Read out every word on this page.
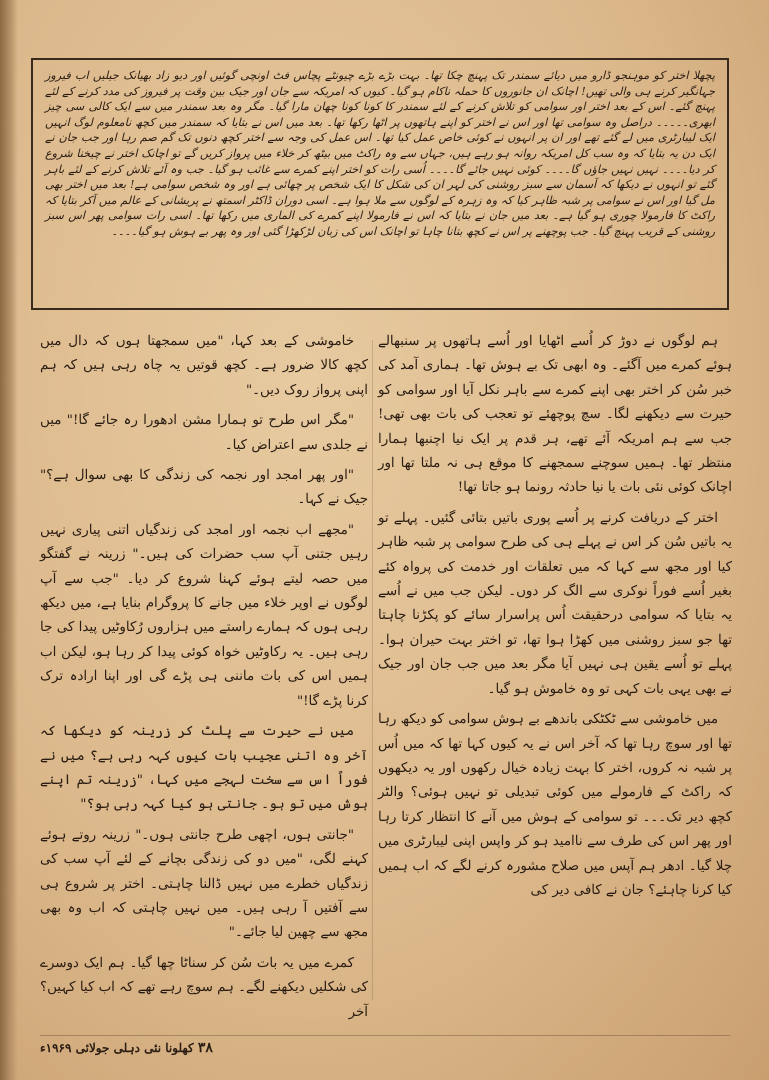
پچھلا اختر کو موہنجو ڈارو میں دیائے سمندر تک پہنچ چکا تھا۔ بہت بڑے بڑے چیونٹے پچاس فٹ اونچی گوئیں اور دیو زاد بھیانک جیلیں اب فیروز جہانگیر کرنے ہی والی تھیں! اچانک ان جانوروں کا حملہ ناکام ہو گیا۔ کیوں کہ امریکہ سے جان اور جیک بین وقت پر فیروز کی مدد کرنے کے لئے پہنچ گئے۔ اس کے بعد اختر اور سوامی کو تلاش کرنے کے لئے سمندر کا کونا کونا چھان مارا گیا۔ مگر وہ بعد سمندر میں سے ایک کالی سی چیز ابھری۔۔۔۔۔ دراصل وہ سوامی تھا اور اس نے اختر کو اپنے ہاتھوں پر اٹھا رکھا تھا۔ بعد میں اس نے بتایا کہ سمندر میں کچھ نامعلوم لوگ انہیں ایک لیبارٹری میں لے گئے تھے اور ان پر انہوں نے کوئی خاص عمل کیا تھا۔ اس عمل کی وجہ سے اختر کچھ دنوں تک گم صم رہا اور جب جان نے ایک دن یہ بتایا کہ وہ سب کل امریکہ روانہ ہو رہے ہیں، جہاں سے وہ راکٹ میں بیٹھ کر خلاء میں پرواز کریں گے تو اچانک اختر نے چیخنا شروع کر دیا۔۔۔۔ نہیں نہیں جاؤں گا۔۔۔۔ کوئی نہیں جائے گا۔۔۔۔ اُسی رات کو اختر اپنے کمرے سے غائب ہو گیا۔ جب وہ آئے تلاش کرنے کے لئے باہر گئے تو انہوں نے دیکھا کہ آسمان سے سبز روشنی کی لہر ان کی شکل کا ایک شخص پر چھائی ہے اور وہ شخص سوامی ہے! بعد میں اختر بھی مل گیا اور اس نے سوامی پر شبہ ظاہر کیا کہ وہ زہرہ کے لوگوں سے ملا ہوا ہے۔ اسی دوران ڈاکٹر اسمتھ نے پریشانی کے عالم میں آکر بتایا کہ راکٹ کا فارمولا چوری ہو گیا ہے۔ بعد میں جان نے بتایا کہ اس نے فارمولا اپنے کمرے کی الماری میں رکھا تھا۔ اسی رات سوامی پھر اس سبز روشنی کے قریب پہنچ گیا۔ جب پوچھنے پر اس نے کچھ بتانا چاہا تو اچانک اس کی زبان لڑکھڑا گئی اور وہ پھر بے ہوش ہو گیا۔۔۔۔

ہم لوگوں نے دوڑ کر اُسے اٹھایا اور اُسے ہاتھوں پر سنبھالے ہوئے کمرے میں آگئے۔ وہ ابھی تک بے ہوش تھا۔ ہماری آمد کی خبر سُن کر اختر بھی اپنے کمرے سے باہر نکل آیا اور سوامی کو حیرت سے دیکھنے لگا۔ سچ پوچھئے تو تعجب کی بات بھی تھی! جب سے ہم امریکہ آئے تھے، ہر قدم پر ایک نیا اچنبھا ہمارا منتظر تھا۔ ہمیں سوچنے سمجھنے کا موقع ہی نہ ملتا تھا اور اچانک کوئی نئی بات یا نیا حادثہ رونما ہو جاتا تھا!

اختر کے دریافت کرنے پر اُسے پوری باتیں بتائی گئیں۔ پہلے تو یہ باتیں سُن کر اس نے پہلے ہی کی طرح سوامی پر شبہ ظاہر کیا اور مجھ سے کہا کہ میں تعلقات اور خدمت کی پرواہ کئے بغیر اُسے فوراً نوکری سے الگ کر دوں۔ لیکن جب میں نے اُسے یہ بتایا کہ سوامی درحقیقت اُس پراسرار سائے کو پکڑنا چاہتا تھا جو سبز روشنی میں کھڑا ہوا تھا، تو اختر بہت حیران ہوا۔ پہلے تو اُسے یقین ہی نہیں آیا مگر بعد میں جب جان اور جیک نے بھی یہی بات کہی تو وہ خاموش ہو گیا۔

میں خاموشی سے ٹکٹکی باندھے بے ہوش سوامی کو دیکھ رہا تھا اور سوچ رہا تھا کہ آخر اس نے یہ کیوں کہا تھا کہ میں اُس پر شبہ نہ کروں، اختر کا بہت زیادہ خیال رکھوں اور یہ دیکھوں کہ راکٹ کے فارمولے میں کوئی تبدیلی تو نہیں ہوئی؟ والٹر کچھ دیر تک۔۔۔ تو سوامی کے ہوش میں آنے کا انتظار کرتا رہا اور پھر اس کی طرف سے ناامید ہو کر واپس اپنی لیبارٹری میں چلا گیا۔ ادھر ہم آپس میں صلاح مشورہ کرنے لگے کہ اب ہمیں کیا کرنا چاہئے؟ جان نے کافی دیر کی

خاموشی کے بعد کہا، "میں سمجھتا ہوں کہ دال میں کچھ کالا ضرور ہے۔ کچھ قوتیں یہ چاہ رہی ہیں کہ ہم اپنی پرواز روک دیں۔"

"مگر اس طرح تو ہمارا مشن ادھورا رہ جائے گا!" میں نے جلدی سے اعتراض کیا۔

"اور پھر امجد اور نجمہ کی زندگی کا بھی سوال ہے؟" جیک نے کہا۔

"مجھے اب نجمہ اور امجد کی زندگیاں اتنی پیاری نہیں رہیں جتنی آپ سب حضرات کی ہیں۔" زرینہ نے گفتگو میں حصہ لیتے ہوئے کہنا شروع کر دیا۔ "جب سے آپ لوگوں نے اوپر خلاء میں جانے کا پروگرام بنایا ہے، میں دیکھ رہی ہوں کہ ہمارے راستے میں ہزاروں رُکاوٹیں پیدا کی جا رہی ہیں۔ یہ رکاوٹیں خواہ کوئی پیدا کر رہا ہو، لیکن اب ہمیں اس کی بات ماننی ہی پڑے گی اور اپنا ارادہ ترک کرنا پڑے گا!"

میں نے حیرت سے پلٹ کر زرینہ کو دیکھا کہ آخر وہ اتنی عجیب بات کیوں کہہ رہی ہے؟ میں نے فوراً اس سے سخت لہجے میں کہا، "زرینہ تم اپنے ہوش میں تو ہو۔ جانتی ہو کیا کہہ رہی ہو؟"

"جانتی ہوں، اچھی طرح جانتی ہوں۔" زرینہ روتے ہوئے کہنے لگی، "میں دو کی زندگی بچانے کے لئے آپ سب کی زندگیاں خطرے میں نہیں ڈالنا چاہتی۔ اختر پر شروع ہی سے آفتیں آ رہی ہیں۔ میں نہیں چاہتی کہ اب وہ بھی مجھ سے چھین لیا جائے۔"

کمرے میں یہ بات سُن کر سناٹا چھا گیا۔ ہم ایک دوسرے کی شکلیں دیکھنے لگے۔ ہم سوچ رہے تھے کہ اب کیا کہیں؟ آخر

۳۸ کھلونا نئی دہلی جولائی ۱۹۶۹ء
